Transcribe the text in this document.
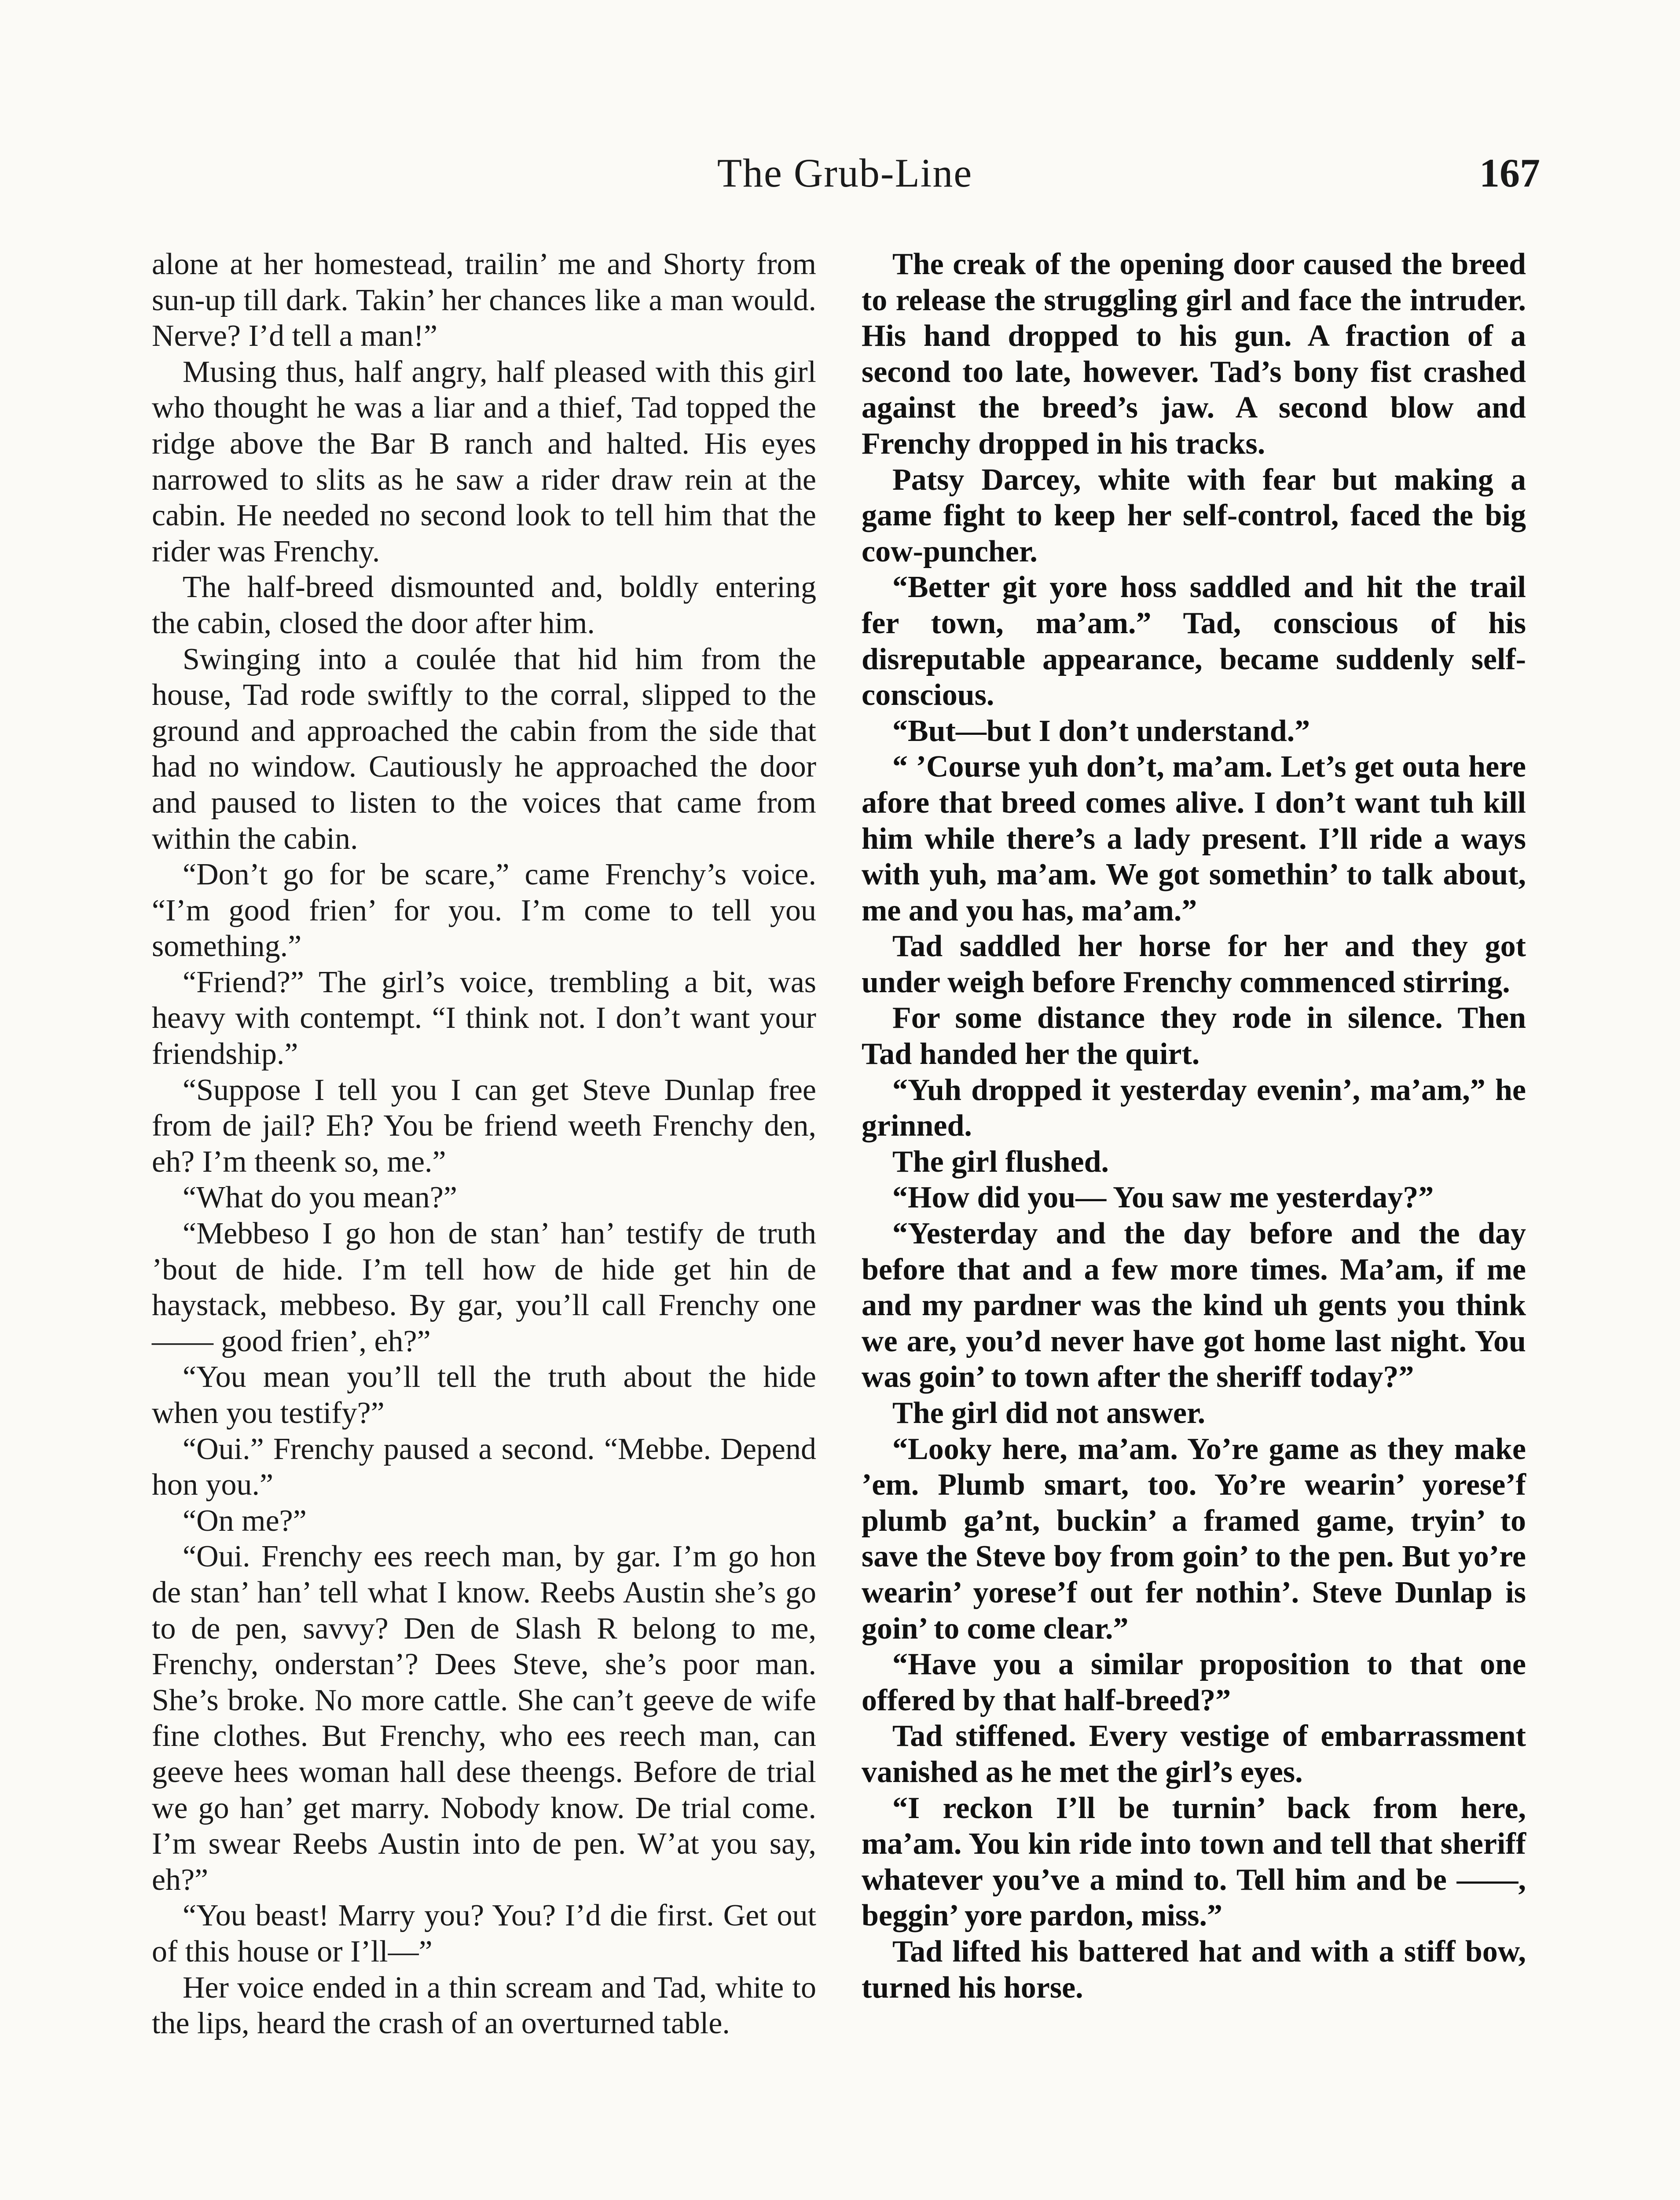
The Grub-Line	167

alone at her homestead, trailin’ me and Shorty from sun-up till dark. Takin’ her chances like a man would. Nerve? I’d tell a man!”

Musing thus, half angry, half pleased with this girl who thought he was a liar and a thief, Tad topped the ridge above the Bar B ranch and halted. His eyes narrowed to slits as he saw a rider draw rein at the cabin. He needed no second look to tell him that the rider was Frenchy.

The half-breed dismounted and, boldly entering the cabin, closed the door after him.

Swinging into a coulée that hid him from the house, Tad rode swiftly to the corral, slipped to the ground and approached the cabin from the side that had no window. Cautiously he approached the door and paused to listen to the voices that came from within the cabin.

“Don’t go for be scare,” came Frenchy’s voice. “I’m good frien’ for you. I’m come to tell you something.”

“Friend?” The girl’s voice, trembling a bit, was heavy with contempt. “I think not. I don’t want your friendship.”

“Suppose I tell you I can get Steve Dunlap free from de jail? Eh? You be friend weeth Frenchy den, eh? I’m theenk so, me.”

“What do you mean?”

“Mebbeso I go hon de stan’ han’ testify de truth ’bout de hide. I’m tell how de hide get hin de haystack, mebbeso. By gar, you’ll call Frenchy one —— good frien’, eh?”

“You mean you’ll tell the truth about the hide when you testify?”

“Oui.” Frenchy paused a second. “Mebbe. Depend hon you.”

“On me?”

“Oui. Frenchy ees reech man, by gar. I’m go hon de stan’ han’ tell what I know. Reebs Austin she’s go to de pen, savvy? Den de Slash R belong to me, Frenchy, onderstan’? Dees Steve, she’s poor man. She’s broke. No more cattle. She can’t geeve de wife fine clothes. But Frenchy, who ees reech man, can geeve hees woman hall dese theengs. Before de trial we go han’ get marry. Nobody know. De trial come. I’m swear Reebs Austin into de pen. W’at you say, eh?”

“You beast! Marry you? You? I’d die first. Get out of this house or I’ll—”

Her voice ended in a thin scream and Tad, white to the lips, heard the crash of an overturned table.

The creak of the opening door caused the breed to release the struggling girl and face the intruder. His hand dropped to his gun. A fraction of a second too late, however. Tad’s bony fist crashed against the breed’s jaw. A second blow and Frenchy dropped in his tracks.

Patsy Darcey, white with fear but making a game fight to keep her self-control, faced the big cow-puncher.

“Better git yore hoss saddled and hit the trail fer town, ma’am.” Tad, conscious of his disreputable appearance, became suddenly self-conscious.

“But—but I don’t understand.”

“ ’Course yuh don’t, ma’am. Let’s get outa here afore that breed comes alive. I don’t want tuh kill him while there’s a lady present. I’ll ride a ways with yuh, ma’am. We got somethin’ to talk about, me and you has, ma’am.”

Tad saddled her horse for her and they got under weigh before Frenchy commenced stirring.

For some distance they rode in silence. Then Tad handed her the quirt.

“Yuh dropped it yesterday evenin’, ma’am,” he grinned.

The girl flushed.

“How did you— You saw me yesterday?”

“Yesterday and the day before and the day before that and a few more times. Ma’am, if me and my pardner was the kind uh gents you think we are, you’d never have got home last night. You was goin’ to town after the sheriff today?”

The girl did not answer.

“Looky here, ma’am. Yo’re game as they make ’em. Plumb smart, too. Yo’re wearin’ yorese’f plumb ga’nt, buckin’ a framed game, tryin’ to save the Steve boy from goin’ to the pen. But yo’re wearin’ yorese’f out fer nothin’. Steve Dunlap is goin’ to come clear.”

“Have you a similar proposition to that one offered by that half-breed?”

Tad stiffened. Every vestige of embarrassment vanished as he met the girl’s eyes.

“I reckon I’ll be turnin’ back from here, ma’am. You kin ride into town and tell that sheriff whatever you’ve a mind to. Tell him and be ——, beggin’ yore pardon, miss.”

Tad lifted his battered hat and with a stiff bow, turned his horse.
